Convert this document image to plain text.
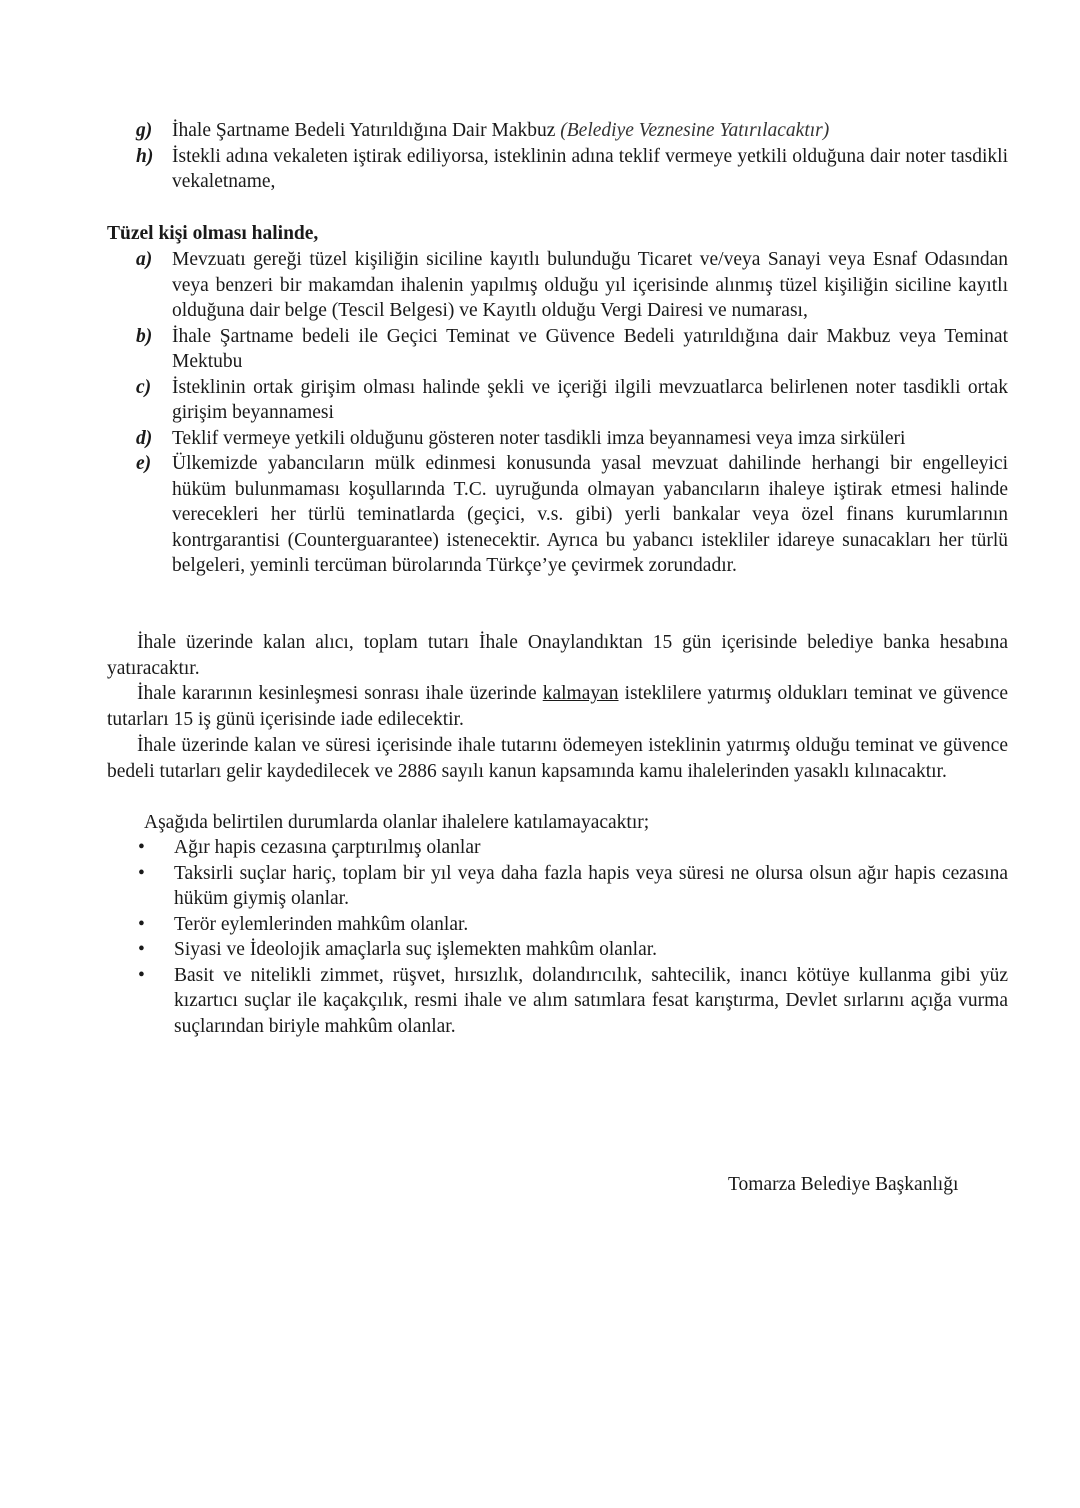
g)	İhale Şartname Bedeli Yatırıldığına Dair Makbuz (Belediye Veznesine Yatırılacaktır)
h) İstekli adına vekaleten iştirak ediliyorsa, isteklinin adına teklif vermeye yetkili olduğuna dair noter tasdikli vekaletname,
Tüzel kişi olması halinde,
a)	Mevzuatı gereği tüzel kişiliğin siciline kayıtlı bulunduğu Ticaret ve/veya Sanayi veya Esnaf Odasından veya benzeri bir makamdan ihalenin yapılmış olduğu yıl içerisinde alınmış tüzel kişiliğin siciline kayıtlı olduğuna dair belge (Tescil Belgesi) ve Kayıtlı olduğu Vergi Dairesi ve numarası,
b)	İhale Şartname bedeli ile Geçici Teminat ve Güvence Bedeli yatırıldığına dair Makbuz veya Teminat Mektubu
c)	İsteklinin ortak girişim olması halinde şekli ve içeriği ilgili mevzuatlarca belirlenen noter tasdikli ortak girişim beyannamesi
d)	Teklif vermeye yetkili olduğunu gösteren noter tasdikli imza beyannamesi veya imza sirküleri
e)	Ülkemizde yabancıların mülk edinmesi konusunda yasal mevzuat dahilinde herhangi bir engelleyici hüküm bulunmaması koşullarında T.C. uyruğunda olmayan yabancıların ihaleye iştirak etmesi halinde verecekleri her türlü teminatlarda (geçici, v.s. gibi) yerli bankalar veya özel finans kurumlarının kontrgarantisi (Counterguarantee) istenecektir. Ayrıca bu yabancı istekliler idareye sunacakları her türlü belgeleri, yeminli tercüman bürolarında Türkçe’ye çevirmek zorundadır.
İhale üzerinde kalan alıcı, toplam tutarı İhale Onaylandıktan 15 gün içerisinde belediye banka hesabına yatıracaktır.
İhale kararının kesinleşmesi sonrası ihale üzerinde kalmayan isteklilere yatırmış oldukları teminat ve güvence tutarları 15 iş günü içerisinde iade edilecektir.
İhale üzerinde kalan ve süresi içerisinde ihale tutarını ödemeyen isteklinin yatırmış olduğu teminat ve güvence bedeli tutarları gelir kaydedilecek ve 2886 sayılı kanun kapsamında kamu ihalelerinden yasaklı kılınacaktır.
Aşağıda belirtilen durumlarda olanlar ihalelere katılamayacaktır;
•	Ağır hapis cezasına çarptırılmış olanlar
•	Taksirli suçlar hariç, toplam bir yıl veya daha fazla hapis veya süresi ne olursa olsun ağır hapis cezasına hüküm giymiş olanlar.
•	Terör eylemlerinden mahkûm olanlar.
•	Siyasi ve İdeolojik amaçlarla suç işlemekten mahkûm olanlar.
•	Basit ve nitelikli zimmet, rüşvet, hırsızlık, dolandırıcılık, sahtecilik, inancı kötüye kullanma gibi yüz kızartıcı suçlar ile kaçakçılık, resmi ihale ve alım satımlara fesat karıştırma, Devlet sırlarını açığa vurma suçlarından biriyle mahkûm olanlar.
Tomarza Belediye Başkanlığı
